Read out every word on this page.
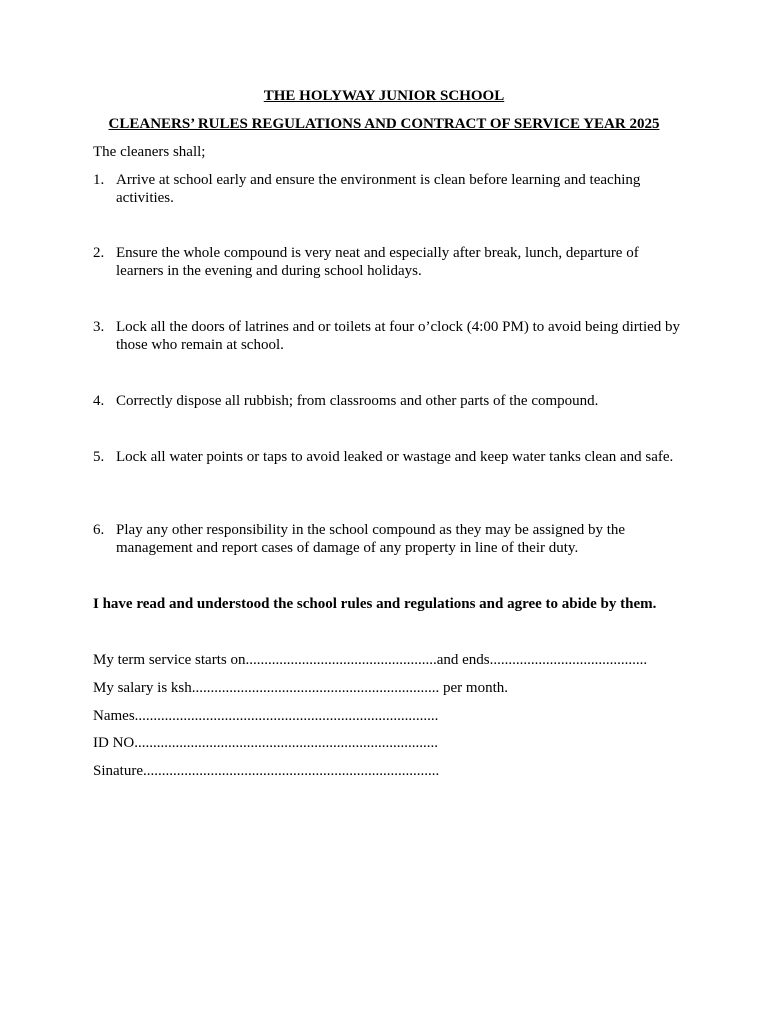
THE HOLYWAY JUNIOR SCHOOL
CLEANERS’ RULES REGULATIONS AND CONTRACT OF SERVICE YEAR 2025
The cleaners shall;
1. Arrive at school early and ensure the environment is clean before learning and teaching activities.
2. Ensure the whole compound is very neat and especially after break, lunch, departure of learners in the evening and during school holidays.
3. Lock all the doors of latrines and or toilets at four o’clock (4:00 PM) to avoid being dirtied by those who remain at school.
4. Correctly dispose all rubbish; from classrooms and other parts of the compound.
5. Lock all water points or taps to avoid leaked or wastage and keep water tanks clean and safe.
6. Play any other responsibility in the school compound as they may be assigned by the management and report cases of damage of any property in line of their duty.
I have read and understood the school rules and regulations and agree to abide by them.
My term service starts on...................................................and ends..........................................
My salary is ksh.................................................................. per month.
Names.................................................................................
ID NO.................................................................................
Sinature...............................................................................
